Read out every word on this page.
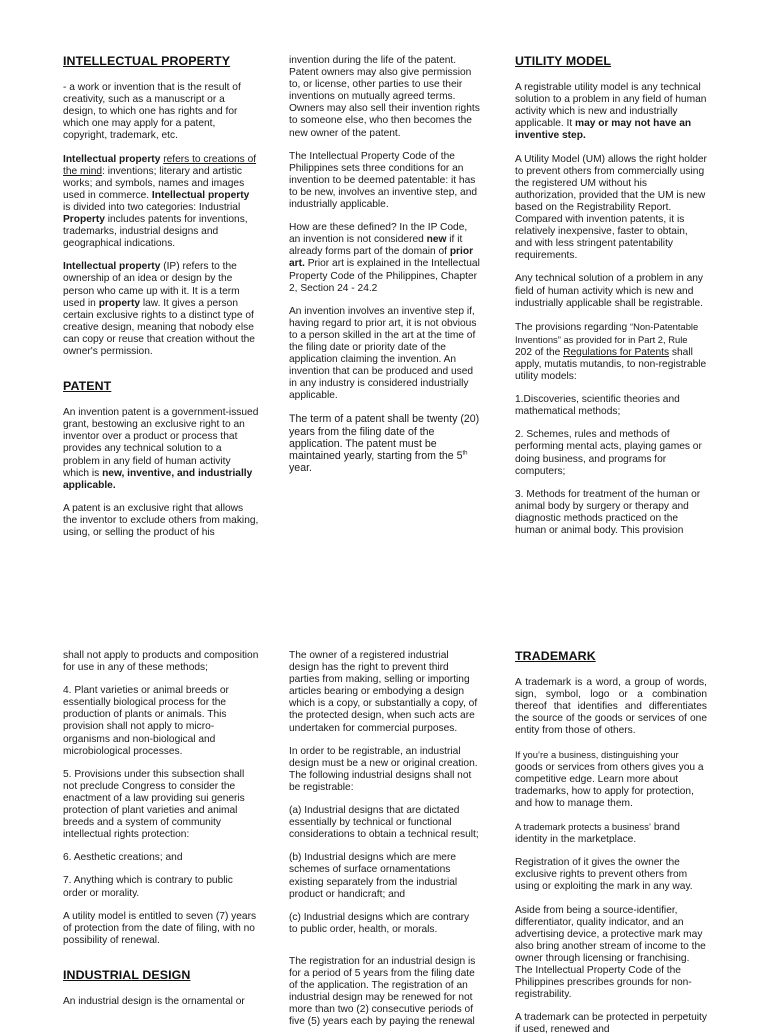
INTELLECTUAL PROPERTY

- a work or invention that is the result of creativity, such as a manuscript or a design, to which one has rights and for which one may apply for a patent, copyright, trademark, etc.

Intellectual property refers to creations of the mind: inventions; literary and artistic works; and symbols, names and images used in commerce. Intellectual property is divided into two categories: Industrial Property includes patents for inventions, trademarks, industrial designs and geographical indications.

Intellectual property (IP) refers to the ownership of an idea or design by the person who came up with it. It is a term used in property law. It gives a person certain exclusive rights to a distinct type of creative design, meaning that nobody else can copy or reuse that creation without the owner's permission.

PATENT

An invention patent is a government-issued grant, bestowing an exclusive right to an inventor over a product or process that provides any technical solution to a problem in any field of human activity which is new, inventive, and industrially applicable.

A patent is an exclusive right that allows the inventor to exclude others from making, using, or selling the product of his

invention during the life of the patent. Patent owners may also give permission to, or license, other parties to use their inventions on mutually agreed terms. Owners may also sell their invention rights to someone else, who then becomes the new owner of the patent.

The Intellectual Property Code of the Philippines sets three conditions for an invention to be deemed patentable: it has to be new, involves an inventive step, and industrially applicable.

How are these defined? In the IP Code, an invention is not considered new if it already forms part of the domain of prior art. Prior art is explained in the Intellectual Property Code of the Philippines, Chapter 2, Section 24 - 24.2

An invention involves an inventive step if, having regard to prior art, it is not obvious to a person skilled in the art at the time of the filing date or priority date of the application claiming the invention. An invention that can be produced and used in any industry is considered industrially applicable.

The term of a patent shall be twenty (20) years from the filing date of the application. The patent must be maintained yearly, starting from the 5th year.

UTILITY MODEL

A registrable utility model is any technical solution to a problem in any field of human activity which is new and industrially applicable. It may or may not have an inventive step.

A Utility Model (UM) allows the right holder to prevent others from commercially using the registered UM without his authorization, provided that the UM is new based on the Registrability Report. Compared with invention patents, it is relatively inexpensive, faster to obtain, and with less stringent patentability requirements.

Any technical solution of a problem in any field of human activity which is new and industrially applicable shall be registrable.

The provisions regarding “Non-Patentable Inventions” as provided for in Part 2, Rule 202 of the Regulations for Patents shall apply, mutatis mutandis, to non-registrable utility models:

1.Discoveries, scientific theories and mathematical methods;

2. Schemes, rules and methods of performing mental acts, playing games or doing business, and programs for computers;

3. Methods for treatment of the human or animal body by surgery or therapy and diagnostic methods practiced on the human or animal body. This provision

shall not apply to products and composition for use in any of these methods;

4. Plant varieties or animal breeds or essentially biological process for the production of plants or animals. This provision shall not apply to micro-organisms and non-biological and microbiological processes.

5. Provisions under this subsection shall not preclude Congress to consider the enactment of a law providing sui generis protection of plant varieties and animal breeds and a system of community intellectual rights protection:

6. Aesthetic creations; and

7. Anything which is contrary to public order or morality.

A utility model is entitled to seven (7) years of protection from the date of filing, with no possibility of renewal.

INDUSTRIAL DESIGN

An industrial design is the ornamental or

The owner of a registered industrial design has the right to prevent third parties from making, selling or importing articles bearing or embodying a design which is a copy, or substantially a copy, of the protected design, when such acts are undertaken for commercial purposes.

In order to be registrable, an industrial design must be a new or original creation.
The following industrial designs shall not be registrable:

(a) Industrial designs that are dictated essentially by technical or functional considerations to obtain a technical result;

(b) Industrial designs which are mere schemes of surface ornamentations existing separately from the industrial product or handicraft; and

(c) Industrial designs which are contrary to public order, health, or morals.

The registration for an industrial design is for a period of 5 years from the filing date of the application. The registration of an industrial design may be renewed for not more than two (2) consecutive periods of five (5) years each by paying the renewal

TRADEMARK

A trademark is a word, a group of words, sign, symbol, logo or a combination thereof that identifies and differentiates the source of the goods or services of one entity from those of others.

If you’re a business, distinguishing your goods or services from others gives you a competitive edge. Learn more about trademarks, how to apply for protection, and how to manage them.

A trademark protects a business’ brand identity in the marketplace.

Registration of it gives the owner the exclusive rights to prevent others from using or exploiting the mark in any way.

Aside from being a source-identifier, differentiator, quality indicator, and an advertising device, a protective mark may also bring another stream of income to the owner through licensing or franchising.
The Intellectual Property Code of the Philippines prescribes grounds for non-registrability.

A trademark can be protected in perpetuity if used, renewed and
